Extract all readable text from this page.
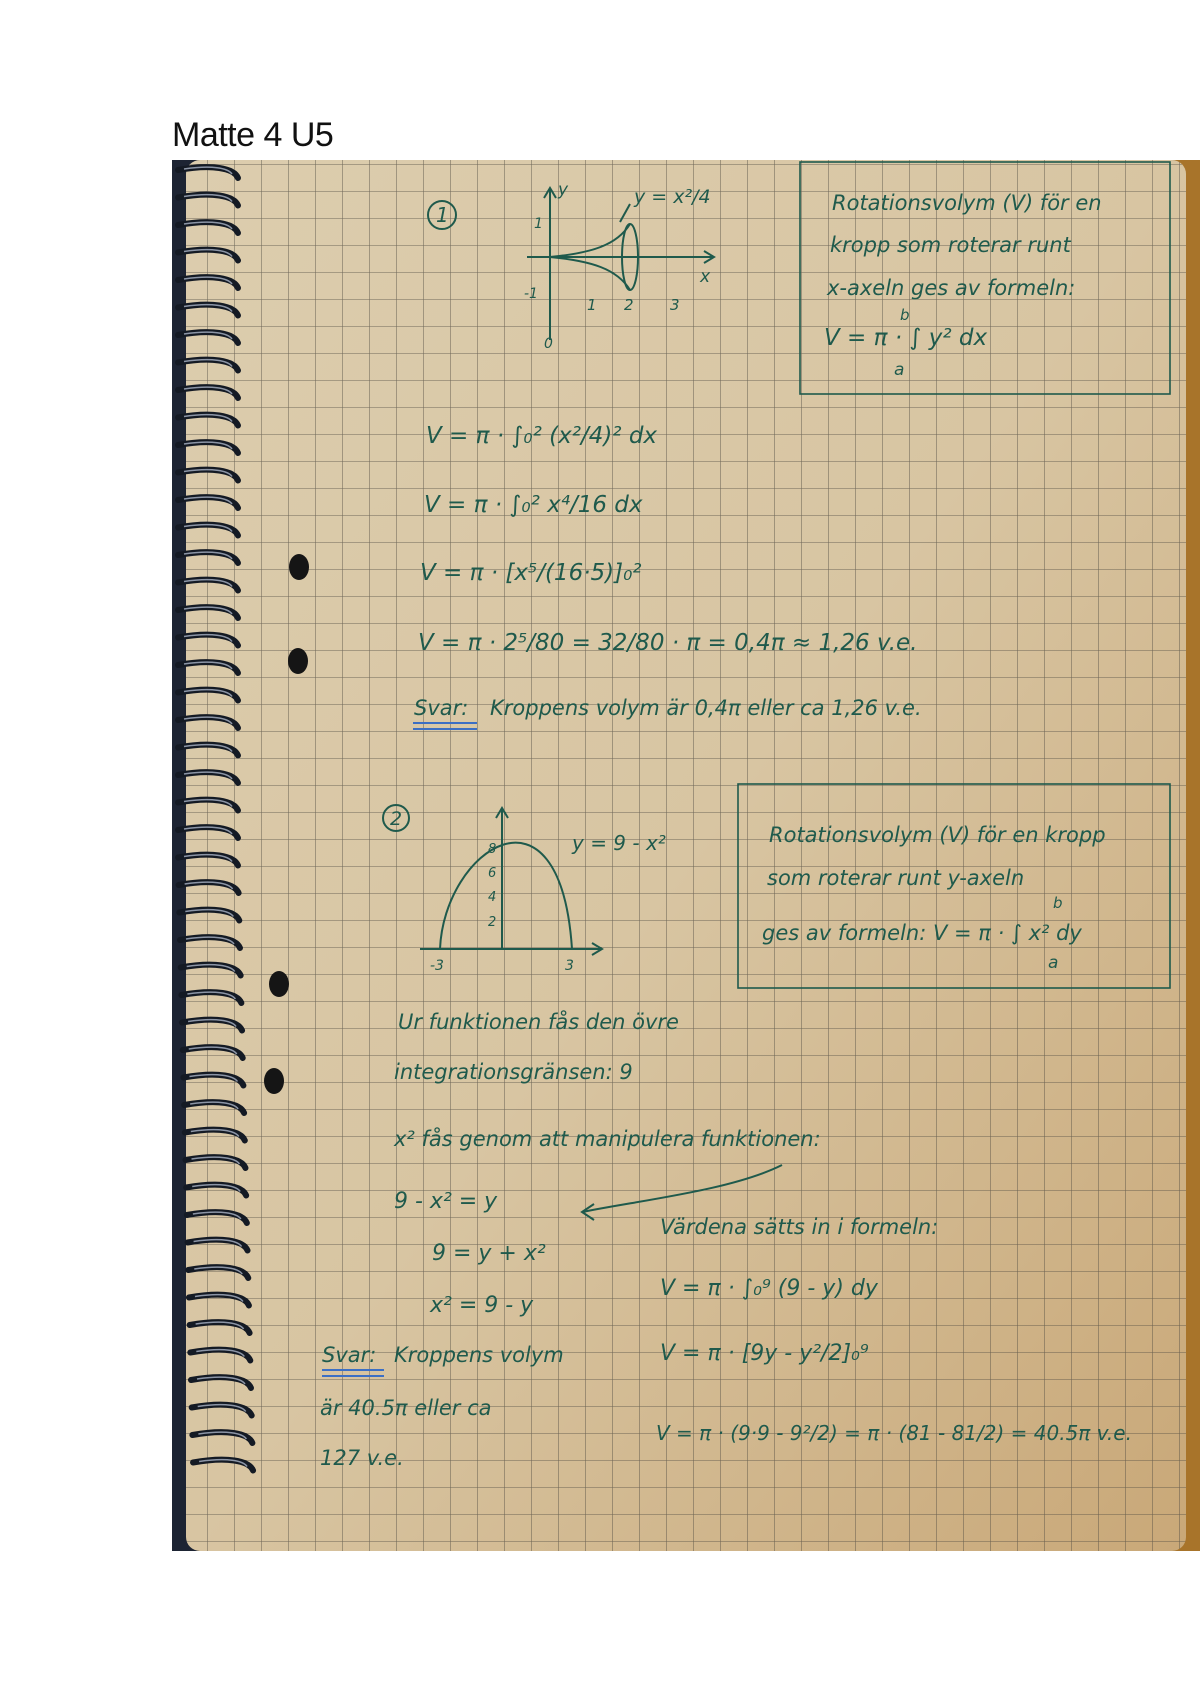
Matte 4 U5
1
y	y = x²/4
x
1
-1
1 2 3
0
Rotationsvolym (V) för en
kropp som roterar runt
x-axeln ges av formeln:
V = π · ∫ y² dx
b
a
V = π · ∫₀² (x²/4)² dx
V = π · ∫₀² x⁴/16 dx
V = π · [x⁵/(16·5)]₀²
V = π · 2⁵/80 = 32/80 · π = 0,4π ≈ 1,26 v.e.
Svar: Kroppens volym är 0,4π eller ca 1,26 v.e.
2
y = 9 - x²
8
6
4
2
-3	3
Rotationsvolym (V) för en kropp
som roterar runt y-axeln
ges av formeln: V = π · ∫ x² dy
b
a
Ur funktionen fås den övre
integrationsgränsen: 9
x² fås genom att manipulera funktionen:
9 - x² = y
9 = y + x²
x² = 9 - y
Värdena sätts in i formeln:
V = π · ∫₀⁹ (9 - y) dy
V = π · [9y - y²/2]₀⁹
V = π · (9·9 - 9²/2) = π · (81 - 81/2) = 40.5π v.e.
Svar: Kroppens volym
är 40.5π eller ca
127 v.e.
